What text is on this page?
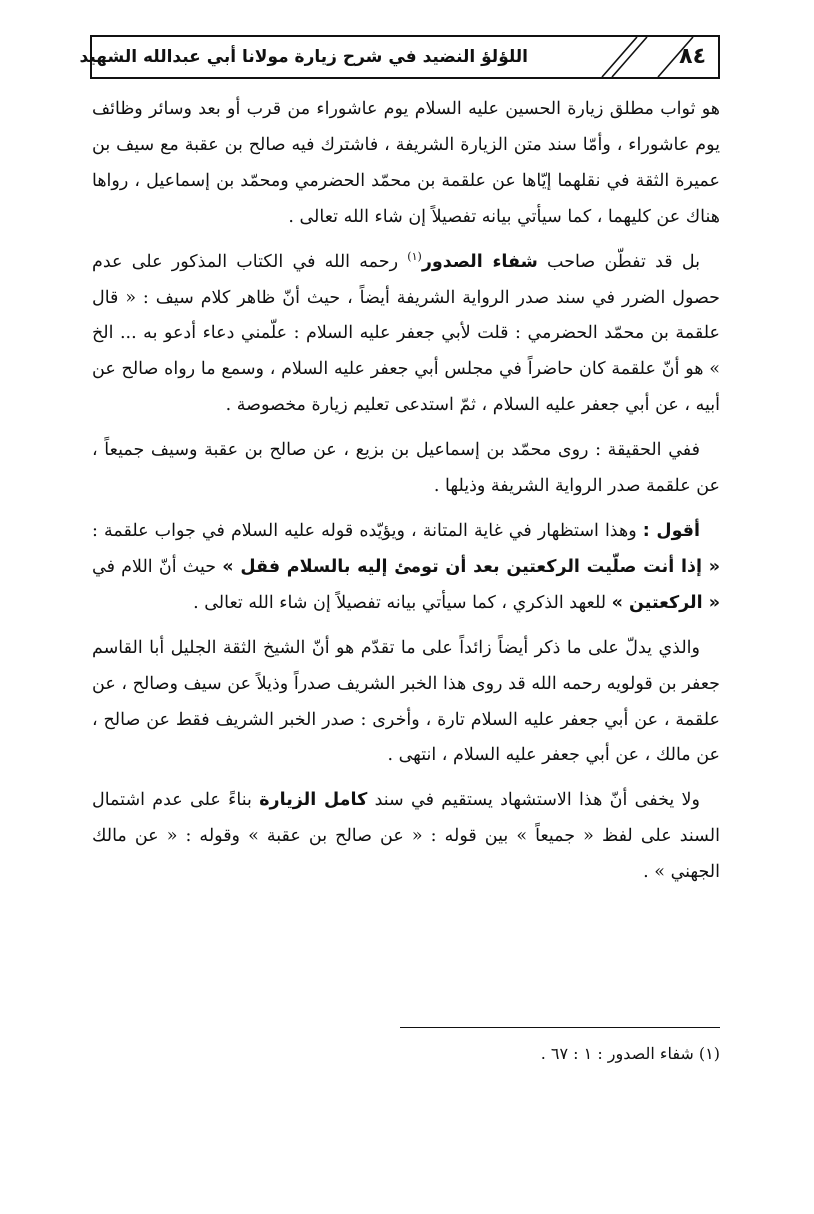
اللؤلؤ النضيد في شرح زيارة مولانا أبي عبدالله الشهيد	٨٤

هو ثواب مطلق زيارة الحسين عليه السلام يوم عاشوراء من قرب أو بعد وسائر وظائف يوم عاشوراء ، وأمّا سند متن الزيارة الشريفة ، فاشترك فيه صالح بن عقبة مع سيف بن عميرة الثقة في نقلهما إيّاها عن علقمة بن محمّد الحضرمي ومحمّد بن إسماعيل ، رواها هناك عن كليهما ، كما سيأتي بيانه تفصيلاً إن شاء الله تعالى .

بل قد تفطّن صاحب شفاء الصدور$^{(١)}$ رحمه الله في الكتاب المذكور على عدم حصول الضرر في سند صدر الرواية الشريفة أيضاً ، حيث أنّ ظاهر كلام سيف : « قال علقمة بن محمّد الحضرمي : قلت لأبي جعفر عليه السلام : علّمني دعاء أدعو به ... الخ » هو أنّ علقمة كان حاضراً في مجلس أبي جعفر عليه السلام ، وسمع ما رواه صالح عن أبيه ، عن أبي جعفر عليه السلام ، ثمّ استدعى تعليم زيارة مخصوصة .

ففي الحقيقة : روى محمّد بن إسماعيل بن بزيع ، عن صالح بن عقبة وسيف جميعاً ، عن علقمة صدر الرواية الشريفة وذيلها .

أقول : وهذا استظهار في غاية المتانة ، ويؤيّده قوله عليه السلام في جواب علقمة : « إذا أنت صلّيت الركعتين بعد أن تومئ إليه بالسلام فقل » حيث أنّ اللام في « الركعتين » للعهد الذكري ، كما سيأتي بيانه تفصيلاً إن شاء الله تعالى .

والذي يدلّ على ما ذكر أيضاً زائداً على ما تقدّم هو أنّ الشيخ الثقة الجليل أبا القاسم جعفر بن قولويه رحمه الله قد روى هذا الخبر الشريف صدراً وذيلاً عن سيف وصالح ، عن علقمة ، عن أبي جعفر عليه السلام تارة ، وأخرى : صدر الخبر الشريف فقط عن صالح ، عن مالك ، عن أبي جعفر عليه السلام ، انتهى .

ولا يخفى أنّ هذا الاستشهاد يستقيم في سند كامل الزيارة بناءً على عدم اشتمال السند على لفظ « جميعاً » بين قوله : « عن صالح بن عقبة » وقوله : « عن مالك الجهني » .

(١) شفاء الصدور : ١ : ٦٧ .
